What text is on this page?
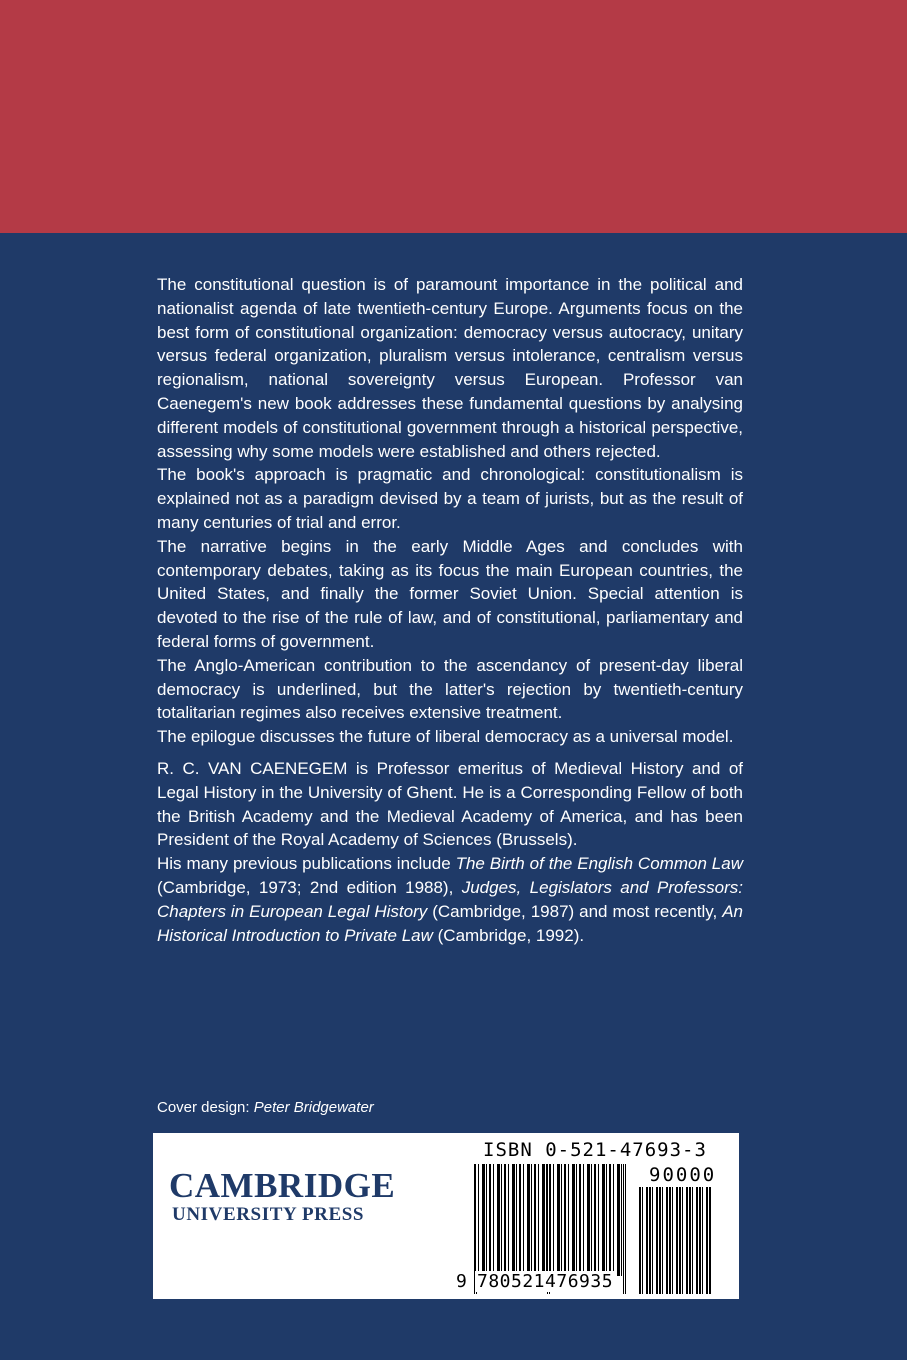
The constitutional question is of paramount importance in the political and nationalist agenda of late twentieth-century Europe. Arguments focus on the best form of constitutional organization: democracy versus autocracy, unitary versus federal organization, pluralism versus intolerance, centralism versus regionalism, national sovereignty versus European. Professor van Caenegem's new book addresses these fundamental questions by analysing different models of constitutional government through a historical perspective, assessing why some models were established and others rejected.

The book's approach is pragmatic and chronological: constitutionalism is explained not as a paradigm devised by a team of jurists, but as the result of many centuries of trial and error.

The narrative begins in the early Middle Ages and concludes with contemporary debates, taking as its focus the main European countries, the United States, and finally the former Soviet Union. Special attention is devoted to the rise of the rule of law, and of constitutional, parliamentary and federal forms of government.

The Anglo-American contribution to the ascendancy of present-day liberal democracy is underlined, but the latter's rejection by twentieth-century totalitarian regimes also receives extensive treatment.

The epilogue discusses the future of liberal democracy as a universal model.

R. C. VAN CAENEGEM is Professor emeritus of Medieval History and of Legal History in the University of Ghent. He is a Corresponding Fellow of both the British Academy and the Medieval Academy of America, and has been President of the Royal Academy of Sciences (Brussels).

His many previous publications include The Birth of the English Common Law (Cambridge, 1973; 2nd edition 1988), Judges, Legislators and Professors: Chapters in European Legal History (Cambridge, 1987) and most recently, An Historical Introduction to Private Law (Cambridge, 1992).

Cover design: Peter Bridgewater
CAMBRIDGE
UNIVERSITY PRESS
ISBN 0-521-47693-3
90000
780521476935
9
